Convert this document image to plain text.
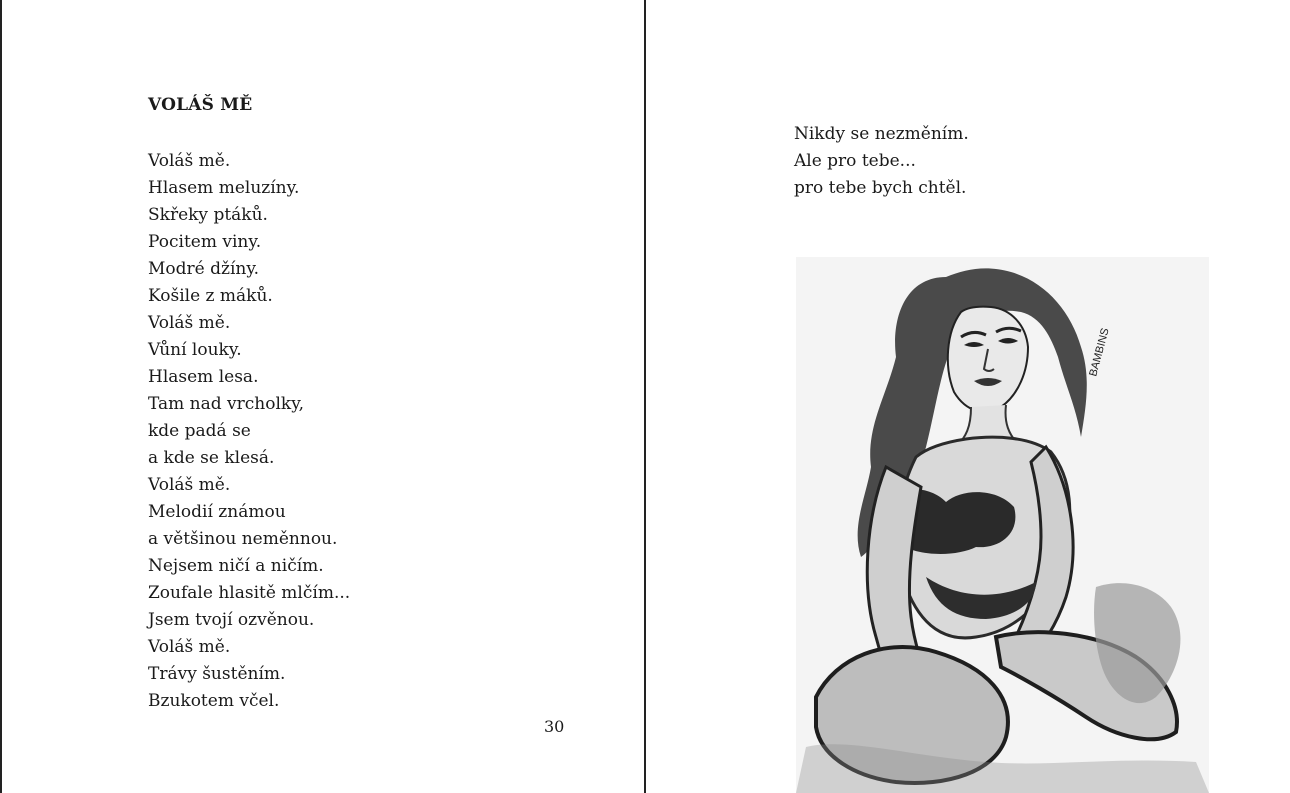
VOLÁŠ MĚ
Voláš mě.
Hlasem meluzíny.
Skřeky ptáků.
Pocitem viny.
Modré džíny.
Košile z máků.
Voláš mě.
Vůní louky.
Hlasem lesa.
Tam nad vrcholky,
kde padá se
a kde se klesá.
Voláš mě.
Melodií známou
a většinou neměnnou.
Nejsem ničí a ničím.
Zoufale hlasitě mlčím...
Jsem tvojí ozvěnou.
Voláš mě.
Trávy šustěním.
Bzukotem včel.
30
Nikdy se nezměním.
Ale pro tebe...
pro tebe bych chtěl.
BAMBINS
